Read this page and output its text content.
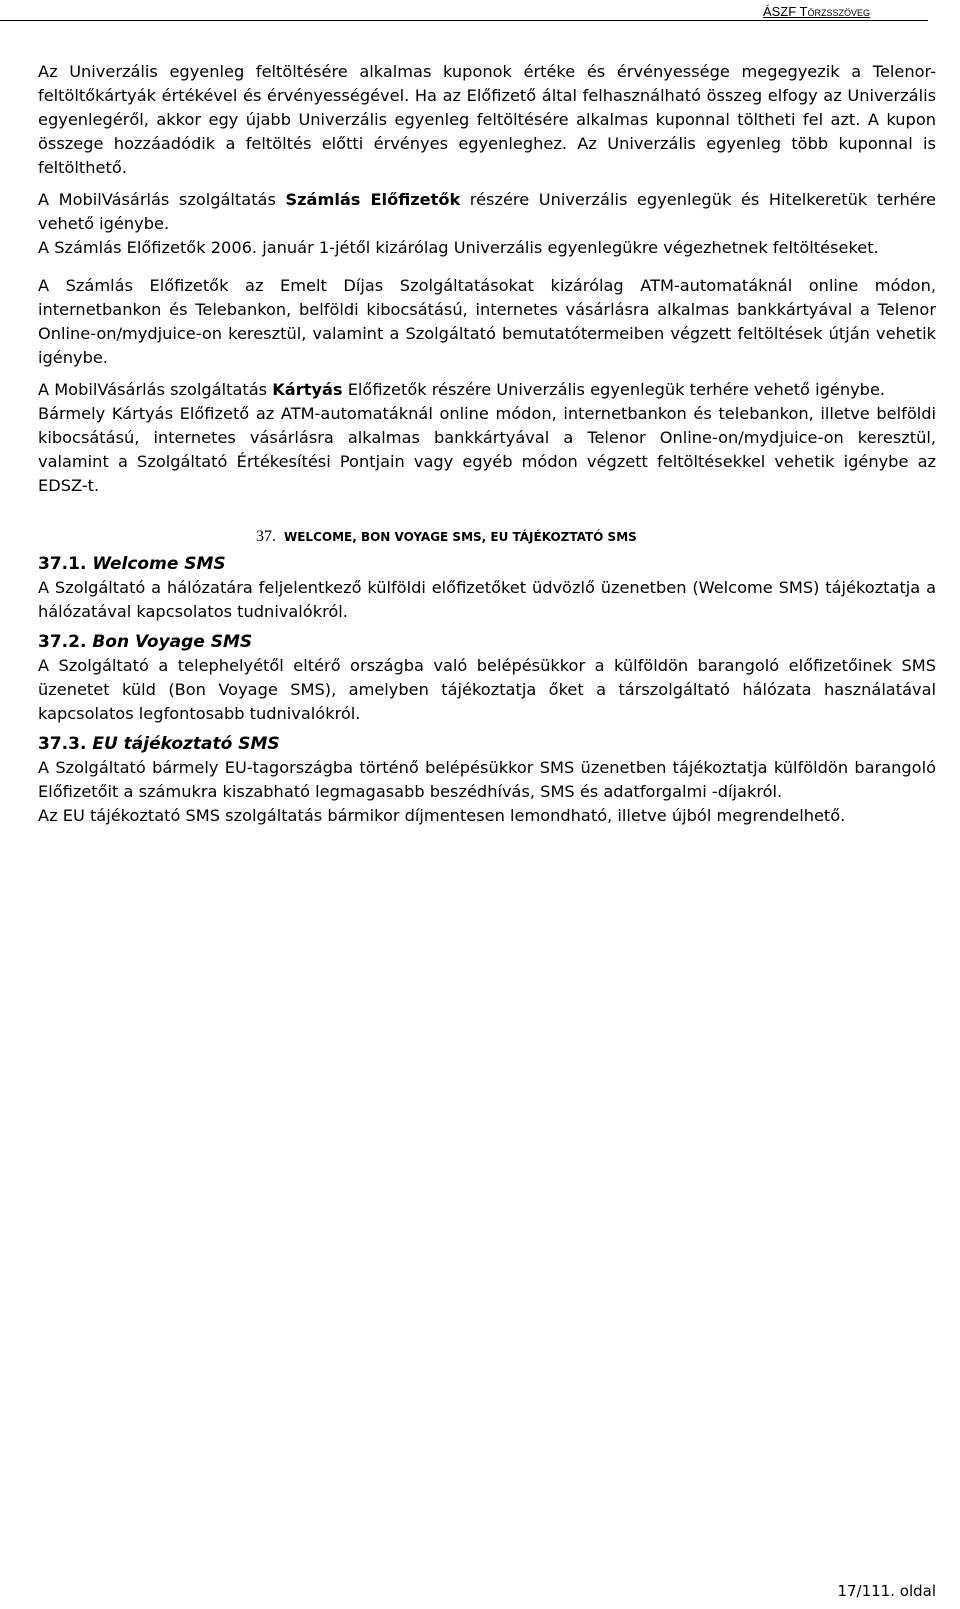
ÁSZF Törzsszöveg

Az Univerzális egyenleg feltöltésére alkalmas kuponok értéke és érvényessége megegyezik a Telenor-feltöltőkártyák értékével és érvényességével. Ha az Előfizető által felhasználható összeg elfogy az Univerzális egyenlegéről, akkor egy újabb Univerzális egyenleg feltöltésére alkalmas kuponnal töltheti fel azt. A kupon összege hozzáadódik a feltöltés előtti érvényes egyenleghez. Az Univerzális egyenleg több kuponnal is feltölthető.

A MobilVásárlás szolgáltatás Számlás Előfizetők részére Univerzális egyenlegük és Hitelkeretük terhére vehető igénybe.

A Számlás Előfizetők 2006. január 1-jétől kizárólag Univerzális egyenlegükre végezhetnek feltöltéseket.

A Számlás Előfizetők az Emelt Díjas Szolgáltatásokat kizárólag ATM-automatáknál online módon, internetbankon és Telebankon, belföldi kibocsátású, internetes vásárlásra alkalmas bankkártyával a Telenor Online-on/mydjuice-on keresztül, valamint a Szolgáltató bemutatótermeiben végzett feltöltések útján vehetik igénybe.

A MobilVásárlás szolgáltatás Kártyás Előfizetők részére Univerzális egyenlegük terhére vehető igénybe.

Bármely Kártyás Előfizető az ATM-automatáknál online módon, internetbankon és telebankon, illetve belföldi kibocsátású, internetes vásárlásra alkalmas bankkártyával a Telenor Online-on/mydjuice-on keresztül, valamint a Szolgáltató Értékesítési Pontjain vagy egyéb módon végzett feltöltésekkel vehetik igénybe az EDSZ-t.

37. WELCOME, BON VOYAGE SMS, EU TÁJÉKOZTATÓ SMS

37.1. Welcome SMS

A Szolgáltató a hálózatára feljelentkező külföldi előfizetőket üdvözlő üzenetben (Welcome SMS) tájékoztatja a hálózatával kapcsolatos tudnivalókról.

37.2. Bon Voyage SMS

A Szolgáltató a telephelyétől eltérő országba való belépésükkor a külföldön barangoló előfizetőinek SMS üzenetet küld (Bon Voyage SMS), amelyben tájékoztatja őket a társzolgáltató hálózata használatával kapcsolatos legfontosabb tudnivalókról.

37.3. EU tájékoztató SMS

A Szolgáltató bármely EU-tagországba történő belépésükkor SMS üzenetben tájékoztatja külföldön barangoló Előfizetőit a számukra kiszabható legmagasabb beszédhívás, SMS és adatforgalmi -díjakról.

Az EU tájékoztató SMS szolgáltatás bármikor díjmentesen lemondható, illetve újból megrendelhető.

17/111. oldal
